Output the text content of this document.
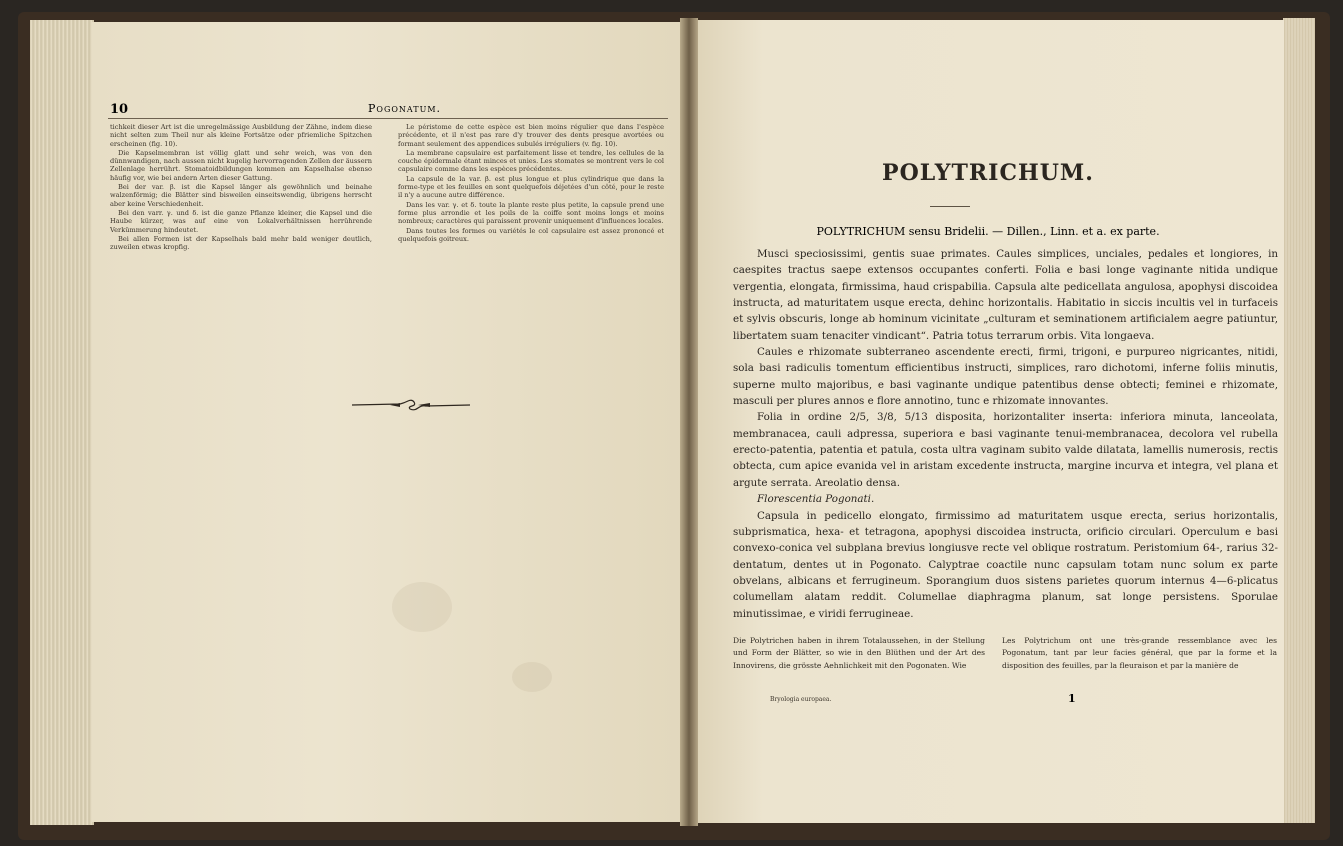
10	Pogonatum.

tichkeit dieser Art ist die unregelmässige Ausbildung der Zähne, indem diese nicht selten zum Theil nur als kleine Fortsätze oder pfriemliche Spitzchen erscheinen (fig. 10).

Die Kapselmembran ist völlig glatt und sehr weich, was von den dünnwandigen, nach aussen nicht kugelig hervorragenden Zellen der äussern Zellenlage herrührt. Stomatoidbildungen kommen am Kapselhalse ebenso häufig vor, wie bei andern Arten dieser Gattung.

Bei der var. β. ist die Kapsel länger als gewöhnlich und beinahe walzenförmig; die Blätter sind bisweilen einseitswendig, übrigens herrscht aber keine Verschiedenheit.

Bei den varr. γ. und δ. ist die ganze Pflanze kleiner, die Kapsel und die Haube kürzer, was auf eine von Lokalverhältnissen herrührende Verkümmerung hindeutet.

Bei allen Formen ist der Kapselhals bald mehr bald weniger deutlich, zuweilen etwas kropfig.

Le péristome de cette espèce est bien moins régulier que dans l'espèce précédente, et il n'est pas rare d'y trouver des dents presque avortées ou formant seulement des appendices subulés irréguliers (v. fig. 10).

La membrane capsulaire est parfaitement lisse et tendre, les cellules de la couche épidermale étant minces et unies. Les stomates se montrent vers le col capsulaire comme dans les espèces précédentes.

La capsule de la var. β. est plus longue et plus cylindrique que dans la forme-type et les feuilles en sont quelquefois déjetées d'un côté, pour le reste il n'y a aucune autre différence.

Dans les var. γ. et δ. toute la plante reste plus petite, la capsule prend une forme plus arrondie et les poils de la coiffe sont moins longs et moins nombreux; caractères qui paraissent provenir uniquement d'influences locales.

Dans toutes les formes ou variétés le col capsulaire est assez prononcé et quelquefois goitreux.

POLYTRICHUM.
POLYTRICHUM sensu Bridelii. — Dillen., Linn. et a. ex parte.

Musci speciosissimi, gentis suae primates. Caules simplices, unciales, pedales et longiores, in caespites tractus saepe extensos occupantes conferti. Folia e basi longe vaginante nitida undique vergentia, elongata, firmissima, haud crispabilia. Capsula alte pedicellata angulosa, apophysi discoidea instructa, ad maturitatem usque erecta, dehinc horizontalis. Habitatio in siccis incultis vel in turfaceis et sylvis obscuris, longe ab hominum vicinitate „culturam et seminationem artificialem aegre patiuntur, libertatem suam tenaciter vindicant“. Patria totus terrarum orbis. Vita longaeva.

Caules e rhizomate subterraneo ascendente erecti, firmi, trigoni, e purpureo nigricantes, nitidi, sola basi radiculis tomentum efficientibus instructi, simplices, raro dichotomi, inferne foliis minutis, superne multo majoribus, e basi vaginante undique patentibus dense obtecti; feminei e rhizomate, masculi per plures annos e flore annotino, tunc e rhizomate innovantes.

Folia in ordine 2/5, 3/8, 5/13 disposita, horizontaliter inserta: inferiora minuta, lanceolata, membranacea, cauli adpressa, superiora e basi vaginante tenui-membranacea, decolora vel rubella erecto-patentia, patentia et patula, costa ultra vaginam subito valde dilatata, lamellis numerosis, rectis obtecta, cum apice evanida vel in aristam excedente instructa, margine incurva et integra, vel plana et argute serrata. Areolatio densa.

Florescentia Pogonati.

Capsula in pedicello elongato, firmissimo ad maturitatem usque erecta, serius horizontalis, subprismatica, hexa- et tetragona, apophysi discoidea instructa, orificio circulari. Operculum e basi convexo-conica vel subplana brevius longiusve recte vel oblique rostratum. Peristomium 64-, rarius 32-dentatum, dentes ut in Pogonato. Calyptrae coactile nunc capsulam totam nunc solum ex parte obvelans, albicans et ferrugineum. Sporangium duos sistens parietes quorum internus 4—6-plicatus columellam alatam reddit. Columellae diaphragma planum, sat longe persistens. Sporulae minutissimae, e viridi ferrugineae.

Die Polytrichen haben in ihrem Totalaussehen, in der Stellung und Form der Blätter, so wie in den Blüthen und der Art des Innovirens, die grösste Aehnlichkeit mit den Pogonaten. Wie
Les Polytrichum ont une très-grande ressemblance avec les Pogonatum, tant par leur facies général, que par la forme et la disposition des feuilles, par la fleuraison et par la manière de
Bryologia europaea.	1
